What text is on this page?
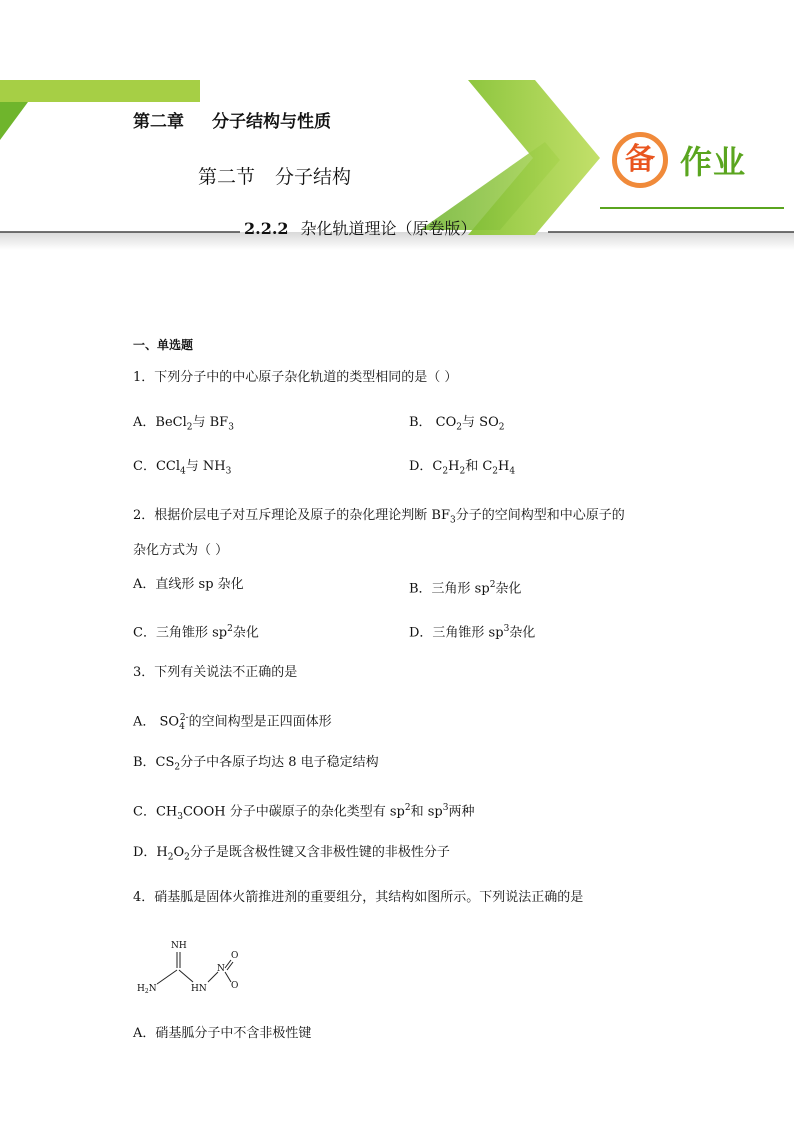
第二章 分子结构与性质
第二节 分子结构
2.2.2 杂化轨道理论（原卷版）
备 作业
一、单选题
1．下列分子中的中心原子杂化轨道的类型相同的是（ ）
A．BeCl$_2$与 $BF_3$	B． $CO_2$与 $SO_2$
C．CCl$_4$与 $NH_3$	D．$C_2H_2$和 $C_2H_4$
2．根据价层电子对互斥理论及原子的杂化理论判断 $BF_3$分子的空间构型和中心原子的
杂化方式为（ ）
A．直线形 sp 杂化	B．三角形 $sp^2$杂化
C．三角锥形 $sp^2$杂化	D．三角锥形 $sp^3$杂化
3．下列有关说法不正确的是
A． $SO_4^{2-}$的空间构型是正四面体形
B．$CS_2$分子中各原子均达 8 电子稳定结构
C．$CH_3COOH$ 分子中碳原子的杂化类型有 $sp^2$和 $sp^3$两种
D．$H_2O_2$分子是既含极性键又含非极性键的非极性分子
4．硝基胍是固体火箭推进剂的重要组分，其结构如图所示。下列说法正确的是
NH
$H_2N$	HN
N
O
O
A．硝基胍分子中不含非极性键
